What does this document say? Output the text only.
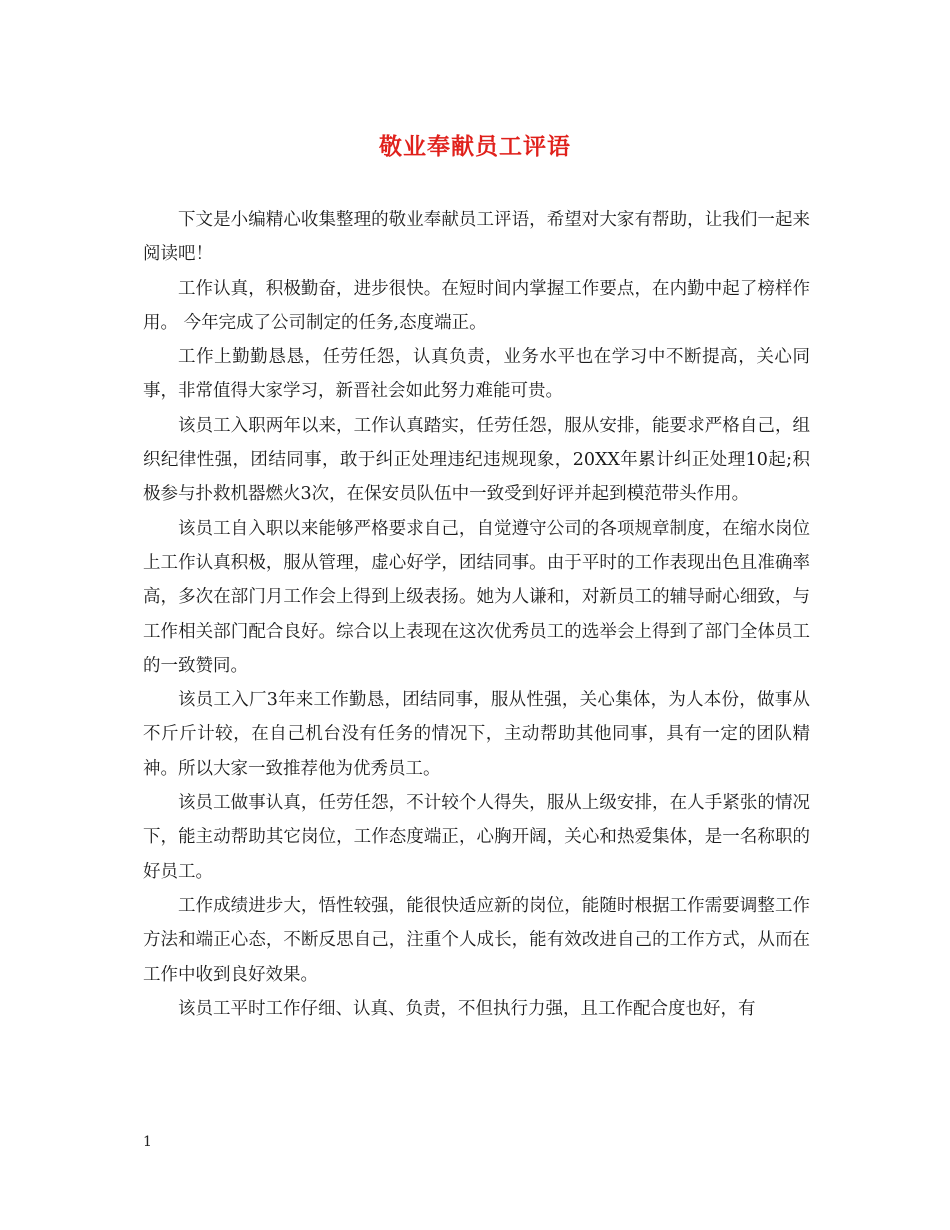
敬业奉献员工评语

下文是小编精心收集整理的敬业奉献员工评语，希望对大家有帮助，让我们一起来阅读吧！

工作认真，积极勤奋，进步很快。在短时间内掌握工作要点，在内勤中起了榜样作用。 今年完成了公司制定的任务,态度端正。

工作上勤勤恳恳，任劳任怨，认真负责，业务水平也在学习中不断提高，关心同事，非常值得大家学习，新晋社会如此努力难能可贵。

该员工入职两年以来，工作认真踏实，任劳任怨，服从安排，能要求严格自己，组织纪律性强，团结同事，敢于纠正处理违纪违规现象，20XX年累计纠正处理10起;积极参与扑救机器燃火3次，在保安员队伍中一致受到好评并起到模范带头作用。

该员工自入职以来能够严格要求自己，自觉遵守公司的各项规章制度，在缩水岗位上工作认真积极，服从管理，虚心好学，团结同事。由于平时的工作表现出色且准确率高，多次在部门月工作会上得到上级表扬。她为人谦和，对新员工的辅导耐心细致，与工作相关部门配合良好。综合以上表现在这次优秀员工的选举会上得到了部门全体员工的一致赞同。

该员工入厂3年来工作勤恳，团结同事，服从性强，关心集体，为人本份，做事从不斤斤计较，在自己机台没有任务的情况下，主动帮助其他同事，具有一定的团队精神。所以大家一致推荐他为优秀员工。

该员工做事认真，任劳任怨，不计较个人得失，服从上级安排，在人手紧张的情况下，能主动帮助其它岗位，工作态度端正，心胸开阔，关心和热爱集体，是一名称职的好员工。

工作成绩进步大，悟性较强，能很快适应新的岗位，能随时根据工作需要调整工作方法和端正心态，不断反思自己，注重个人成长，能有效改进自己的工作方式，从而在工作中收到良好效果。

该员工平时工作仔细、认真、负责，不但执行力强，且工作配合度也好，有

1
